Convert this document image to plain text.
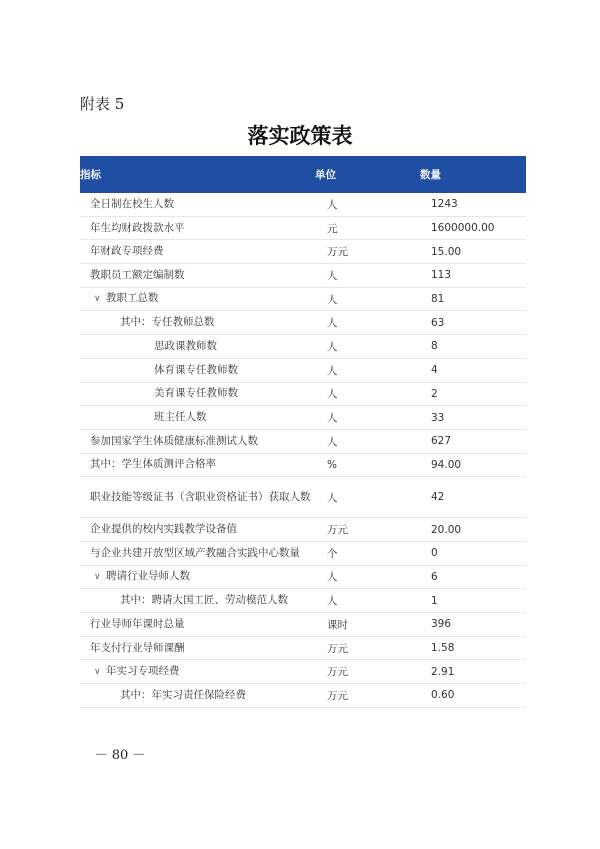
附表 5
落实政策表
指标	单位	数量
全日制在校生人数	人	1243
年生均财政拨款水平	元	1600000.00
年财政专项经费	万元	15.00
教职员工额定编制数	人	113
∨ 教职工总数	人	81
其中：专任教师总数	人	63
思政课教师数	人	8
体育课专任教师数	人	4
美育课专任教师数	人	2
班主任人数	人	33
参加国家学生体质健康标准测试人数	人	627
其中：学生体质测评合格率	%	94.00
职业技能等级证书（含职业资格证书）获取人数	人	42
企业提供的校内实践教学设备值	万元	20.00
与企业共建开放型区域产教融合实践中心数量	个	0
∨ 聘请行业导师人数	人	6
其中：聘请大国工匠、劳动模范人数	人	1
行业导师年课时总量	课时	396
年支付行业导师课酬	万元	1.58
∨ 年实习专项经费	万元	2.91
其中：年实习责任保险经费	万元	0.60
－ 80 －
